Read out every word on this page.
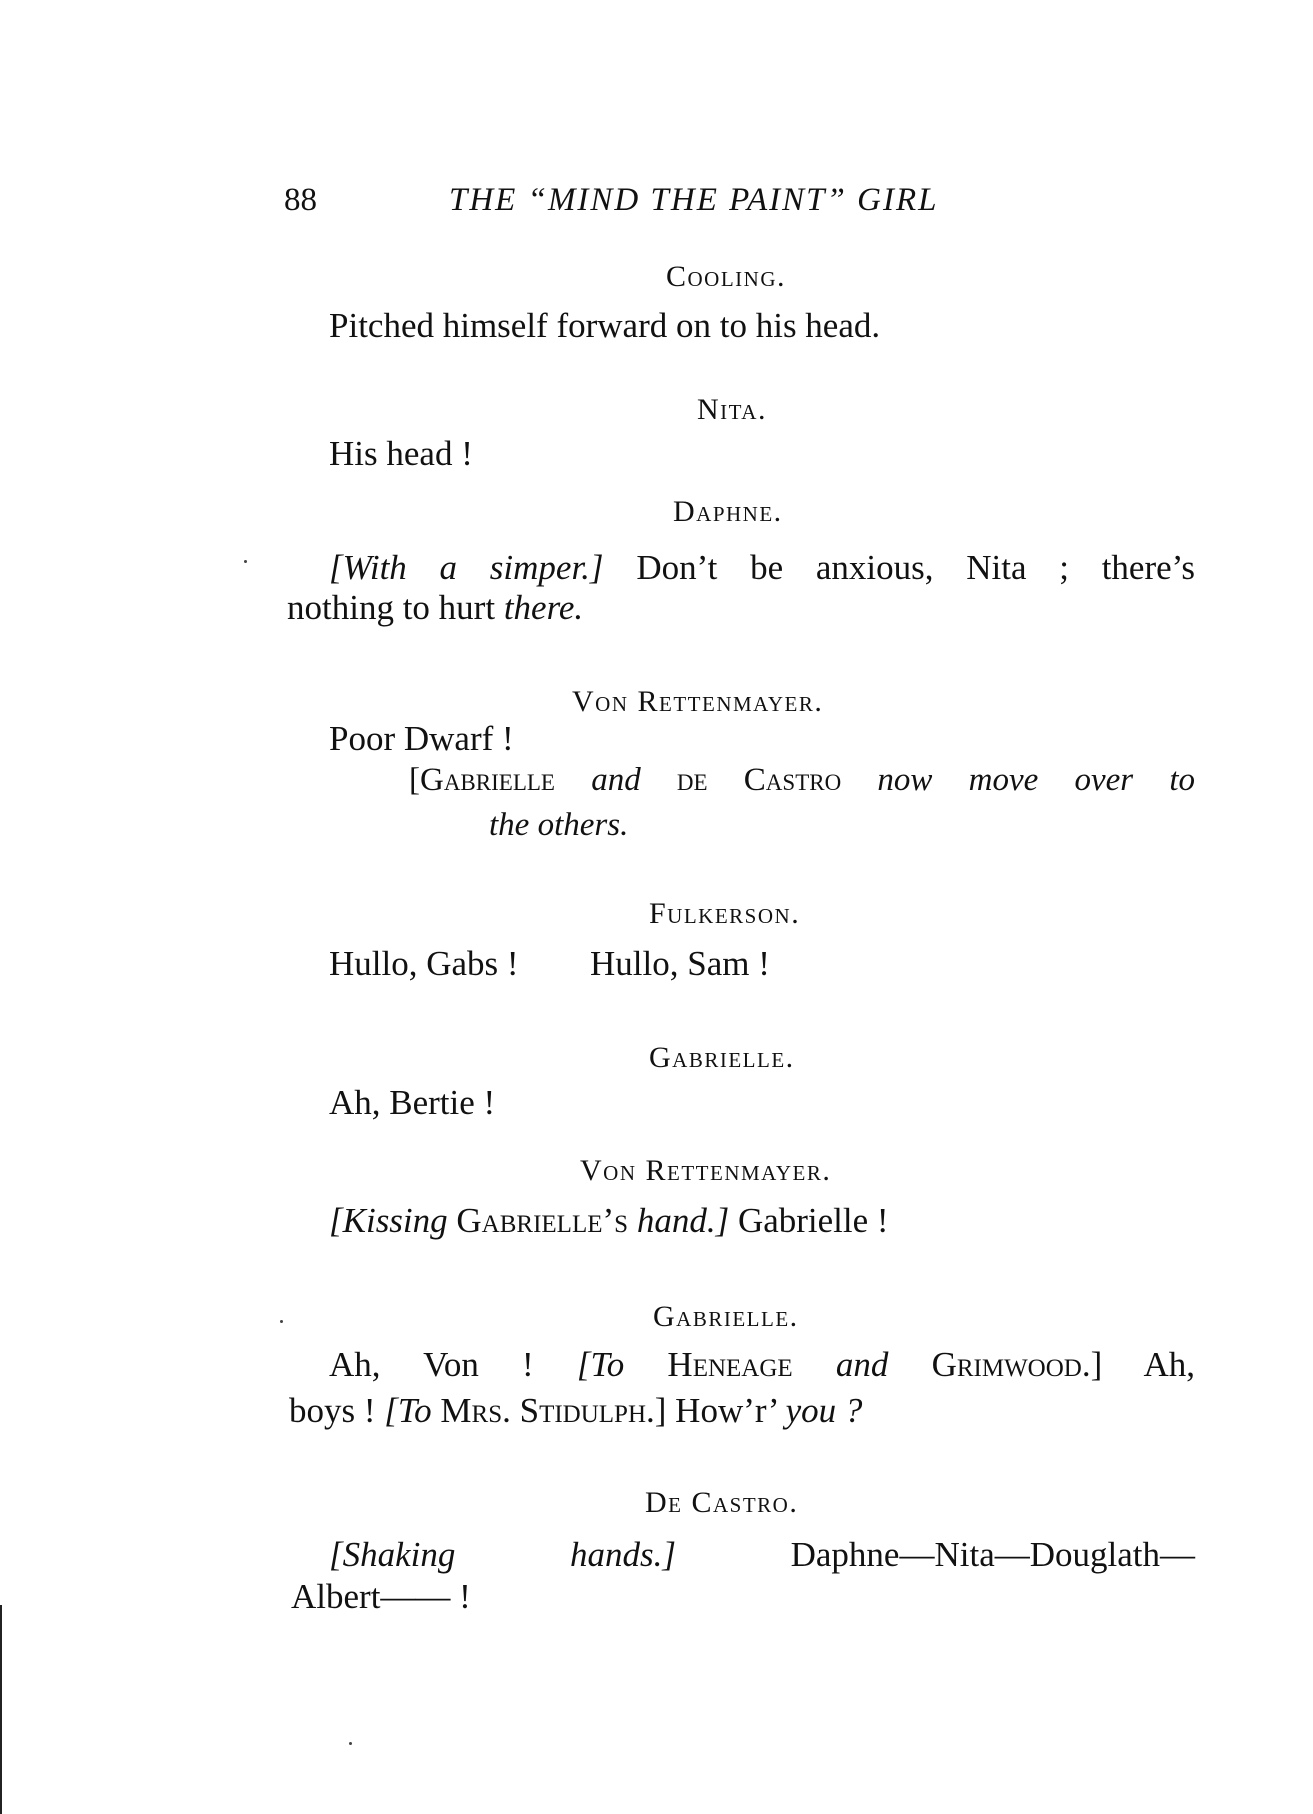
88	THE “MIND THE PAINT” GIRL
Cooling.
Pitched himself forward on to his head.
Nita.
His head !
Daphne.
[With a simper.] Don’t be anxious, Nita ; there’s
nothing to hurt there.
Von Rettenmayer.
Poor Dwarf !
[Gabrielle and de Castro now move over to
the others.
Fulkerson.
Hullo, Gabs ! Hullo, Sam !
Gabrielle.
Ah, Bertie !
Von Rettenmayer.
[Kissing Gabrielle’s hand.] Gabrielle !
Gabrielle.
Ah, Von ! [To Heneage and Grimwood.] Ah,
boys ! [To Mrs. Stidulph.] How’r’ you ?
De Castro.
[Shaking hands.]	Daphne—Nita—Douglath—
Albert—— !
